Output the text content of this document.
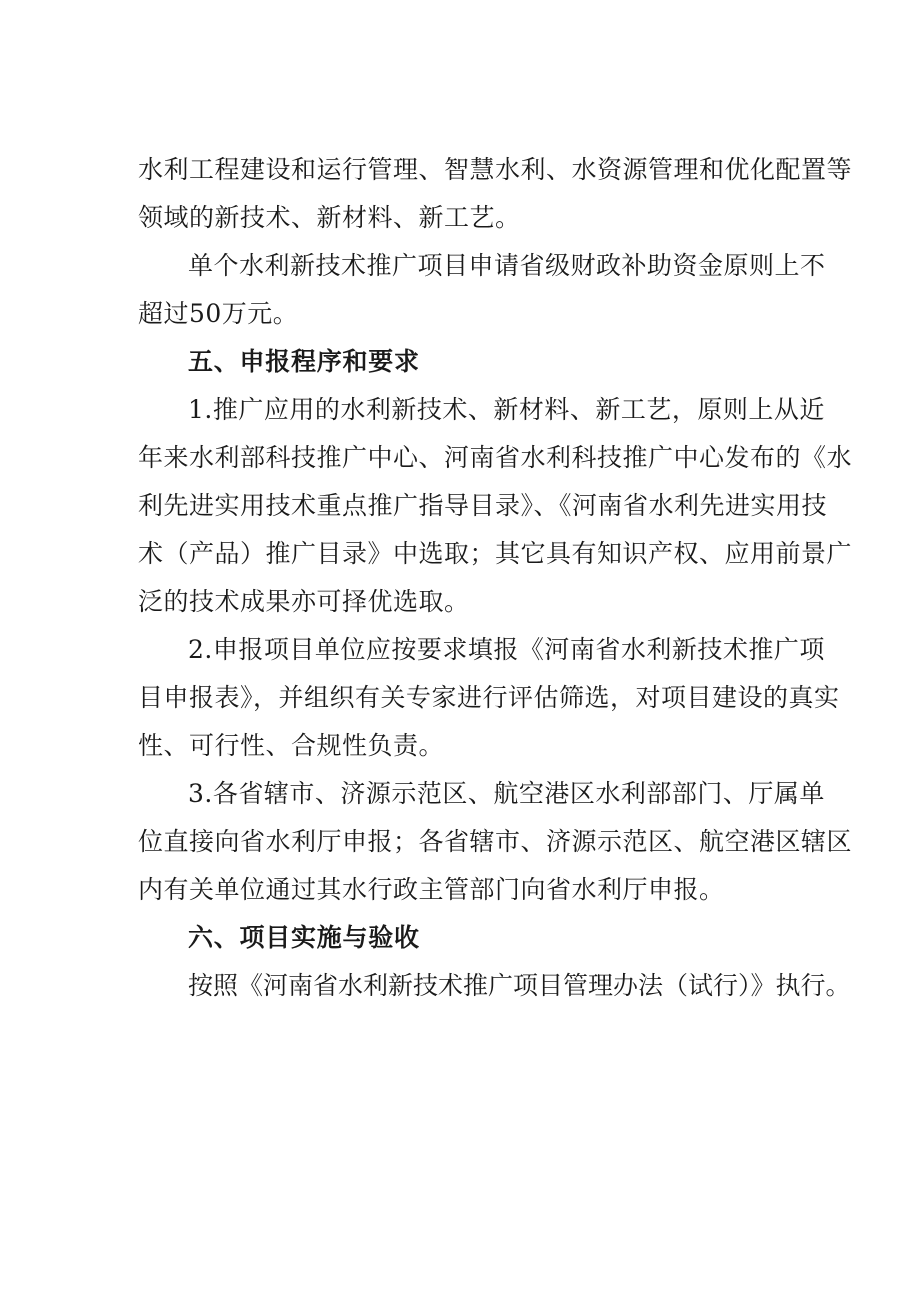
水利工程建设和运行管理、智慧水利、水资源管理和优化配置等
领域的新技术、新材料、新工艺。
单个水利新技术推广项目申请省级财政补助资金原则上不
超过50万元。
五、申报程序和要求
1.推广应用的水利新技术、新材料、新工艺，原则上从近
年来水利部科技推广中心、河南省水利科技推广中心发布的《水
利先进实用技术重点推广指导目录》、《河南省水利先进实用技
术（产品）推广目录》中选取；其它具有知识产权、应用前景广
泛的技术成果亦可择优选取。
2.申报项目单位应按要求填报《河南省水利新技术推广项
目申报表》，并组织有关专家进行评估筛选，对项目建设的真实
性、可行性、合规性负责。
3.各省辖市、济源示范区、航空港区水利部部门、厅属单
位直接向省水利厅申报；各省辖市、济源示范区、航空港区辖区
内有关单位通过其水行政主管部门向省水利厅申报。
六、项目实施与验收
按照《河南省水利新技术推广项目管理办法（试行）》执行。
